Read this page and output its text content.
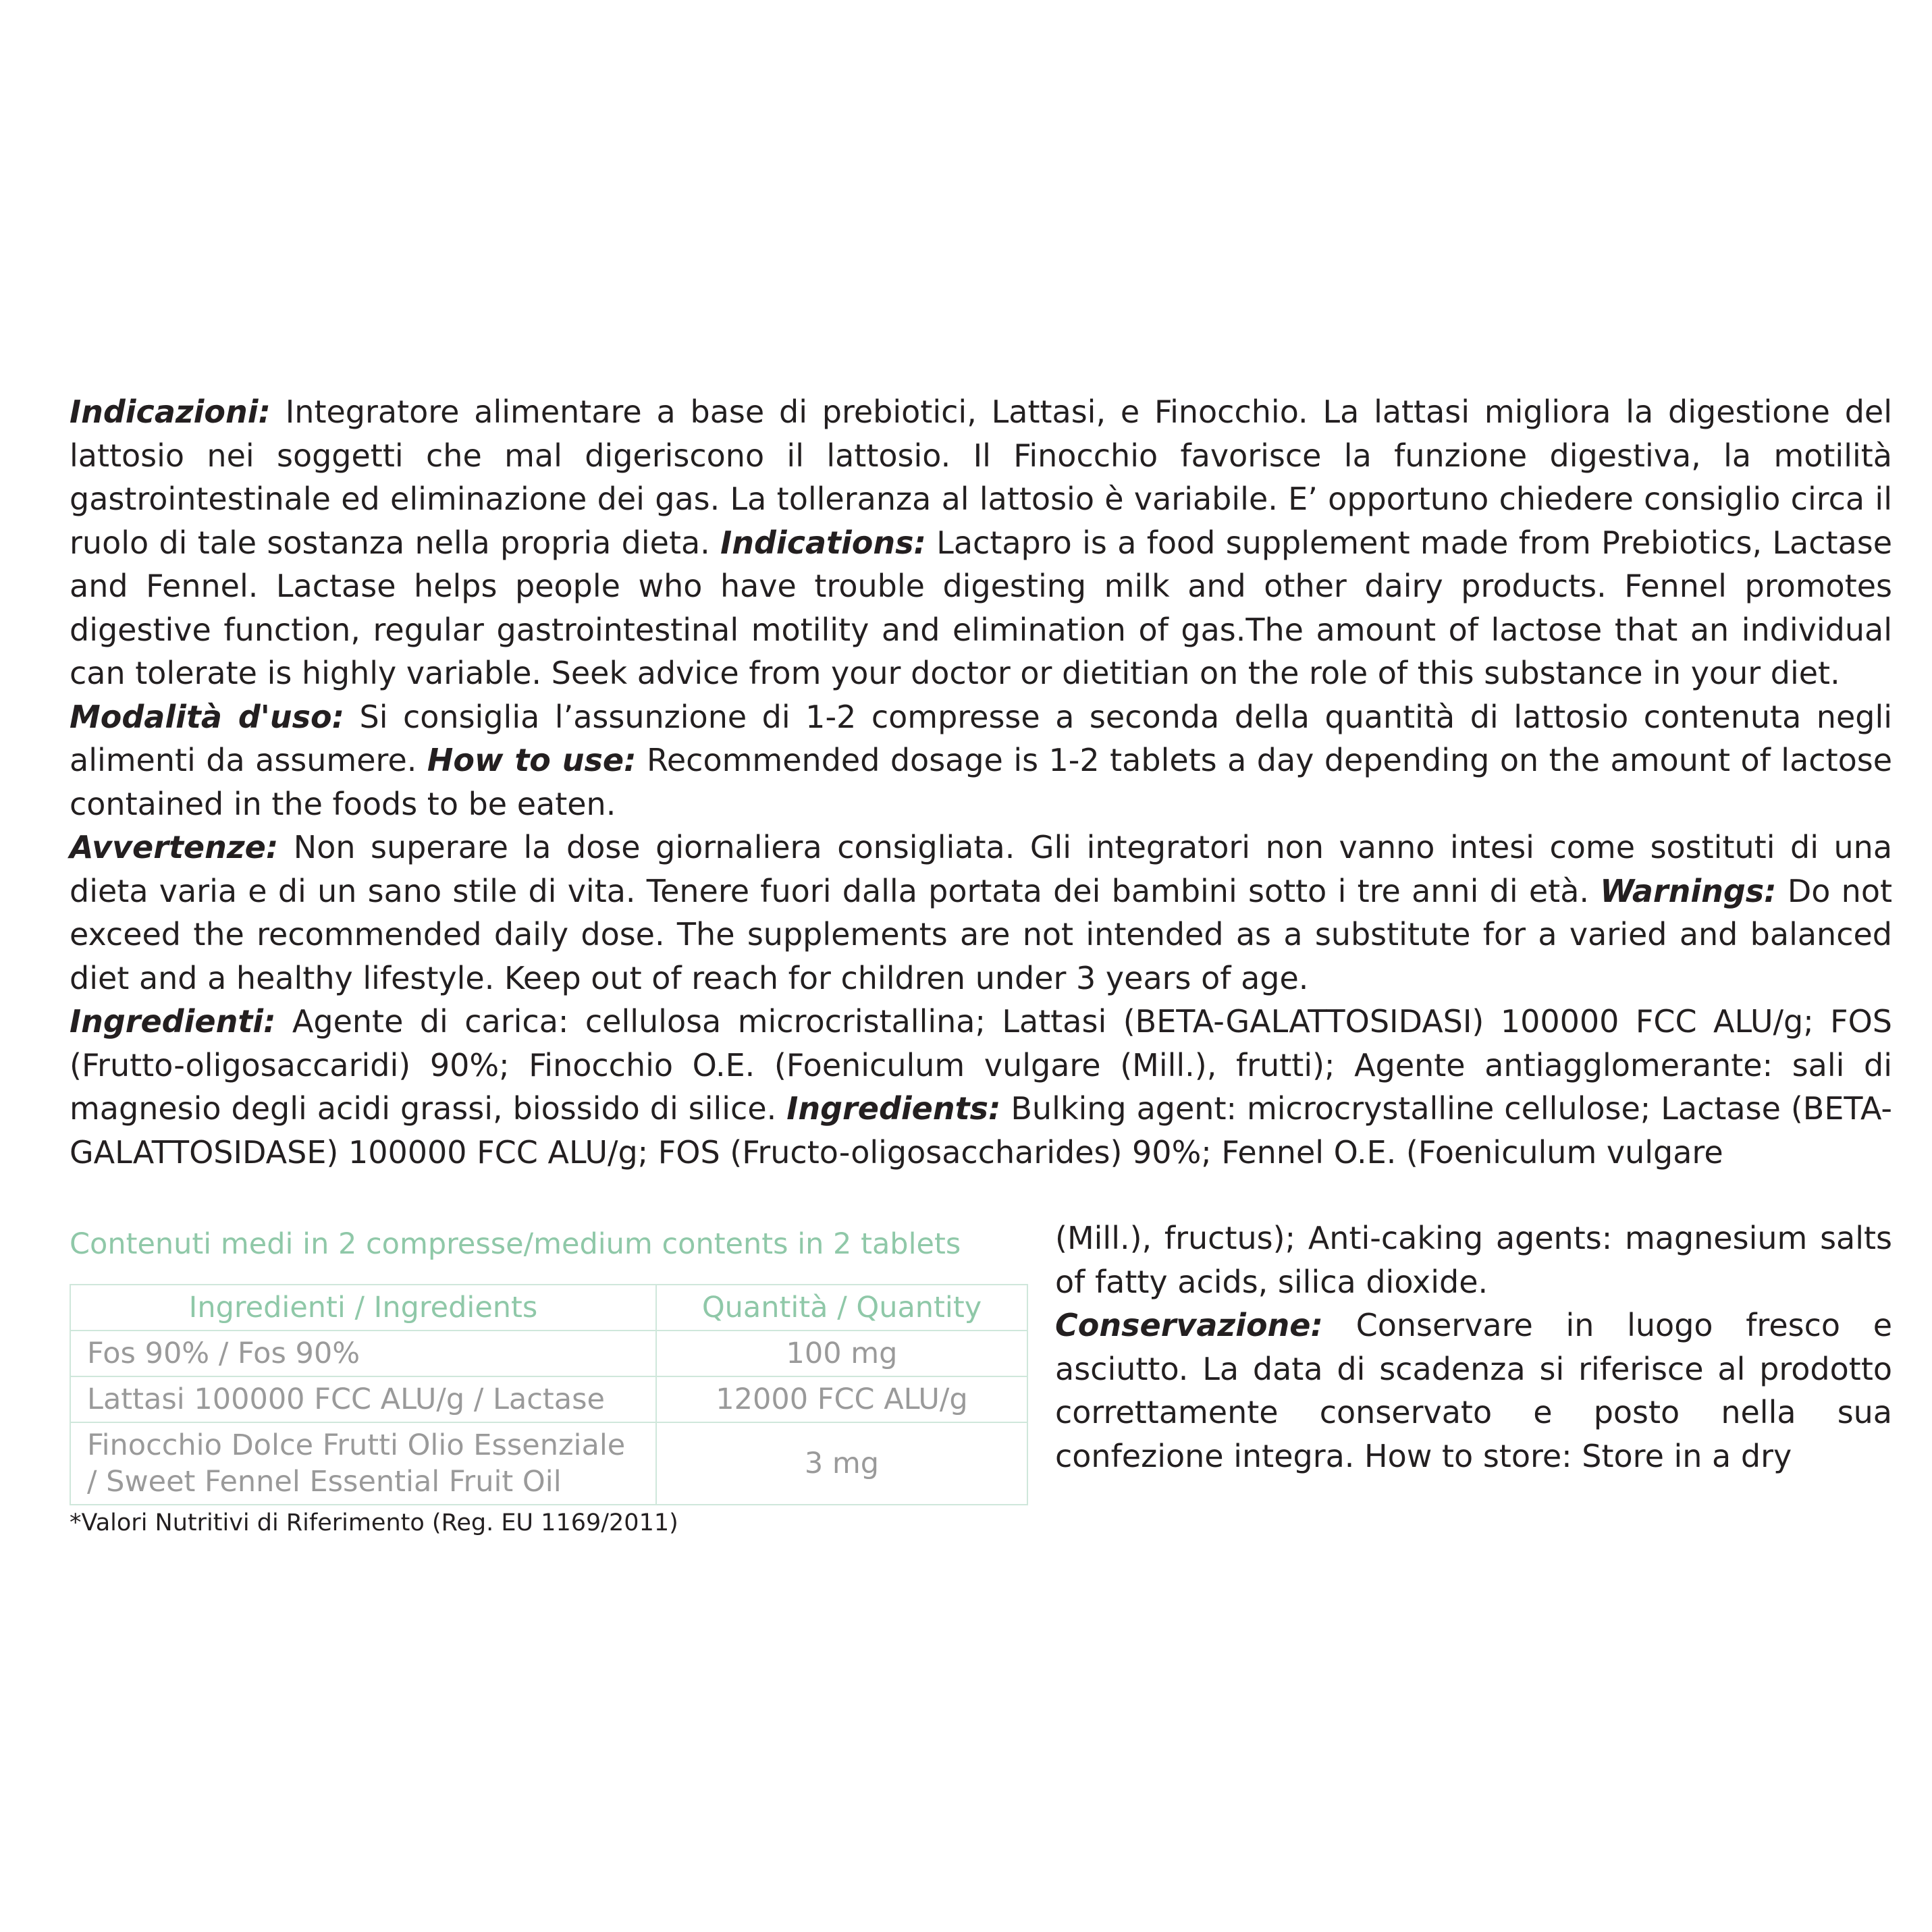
Indicazioni: Integratore alimentare a base di prebiotici, Lattasi, e Finocchio. La lattasi migliora la digestione del lattosio nei soggetti che mal digeriscono il lattosio. Il Finocchio favorisce la funzione digestiva, la motilità gastrointestinale ed eliminazione dei gas. La tolleranza al lattosio è variabile. E’ opportuno chiedere consiglio circa il ruolo di tale sostanza nella propria dieta. Indications: Lactapro is a food supplement made from Prebiotics, Lactase and Fennel. Lactase helps people who have trouble digesting milk and other dairy products. Fennel promotes digestive function, regular gastrointestinal motility and elimination of gas.The amount of lactose that an individual can tolerate is highly variable. Seek advice from your doctor or dietitian on the role of this substance in your diet.

Modalità d'uso: Si consiglia l’assunzione di 1-2 compresse a seconda della quantità di lattosio contenuta negli alimenti da assumere. How to use: Recommended dosage is 1-2 tablets a day depending on the amount of lactose contained in the foods to be eaten.

Avvertenze: Non superare la dose giornaliera consigliata. Gli integratori non vanno intesi come sostituti di una dieta varia e di un sano stile di vita. Tenere fuori dalla portata dei bambini sotto i tre anni di età. Warnings: Do not exceed the recommended daily dose. The supplements are not intended as a substitute for a varied and balanced diet and a healthy lifestyle. Keep out of reach for children under 3 years of age.

Ingredienti: Agente di carica: cellulosa microcristallina; Lattasi (BETA-GALATTOSIDASI) 100000 FCC ALU/g; FOS (Frutto-oligosaccaridi) 90%; Finocchio O.E. (Foeniculum vulgare (Mill.), frutti); Agente antiagglomerante: sali di magnesio degli acidi grassi, biossido di silice. Ingredients: Bulking agent: microcrystalline cellulose; Lactase (BETA-GALATTOSIDASE) 100000 FCC ALU/g; FOS (Fructo-oligosaccharides) 90%; Fennel O.E. (Foeniculum vulgare

(Mill.), fructus); Anti-caking agents: magnesium salts of fatty acids, silica dioxide.

Conservazione: Conservare in luogo fresco e asciutto. La data di scadenza si riferisce al prodotto correttamente conservato e posto nella sua confezione integra. How to store: Store in a dry

Contenuti medi in 2 compresse/medium contents in 2 tablets
Ingredienti / Ingredients	Quantità / Quantity
Fos 90% / Fos 90%	100 mg
Lattasi 100000 FCC ALU/g / Lactase	12000 FCC ALU/g
Finocchio Dolce Frutti Olio Essenziale / Sweet Fennel Essential Fruit Oil	3 mg
*Valori Nutritivi di Riferimento (Reg. EU 1169/2011)
